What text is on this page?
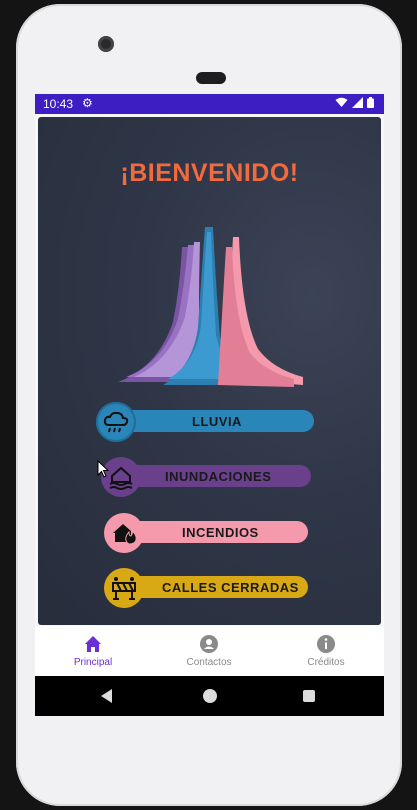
10:43 ⚙

¡BIENVENIDO!
LLUVIA
INUNDACIONES
INCENDIOS
CALLES CERRADAS
Principal	Contactos	Créditos
